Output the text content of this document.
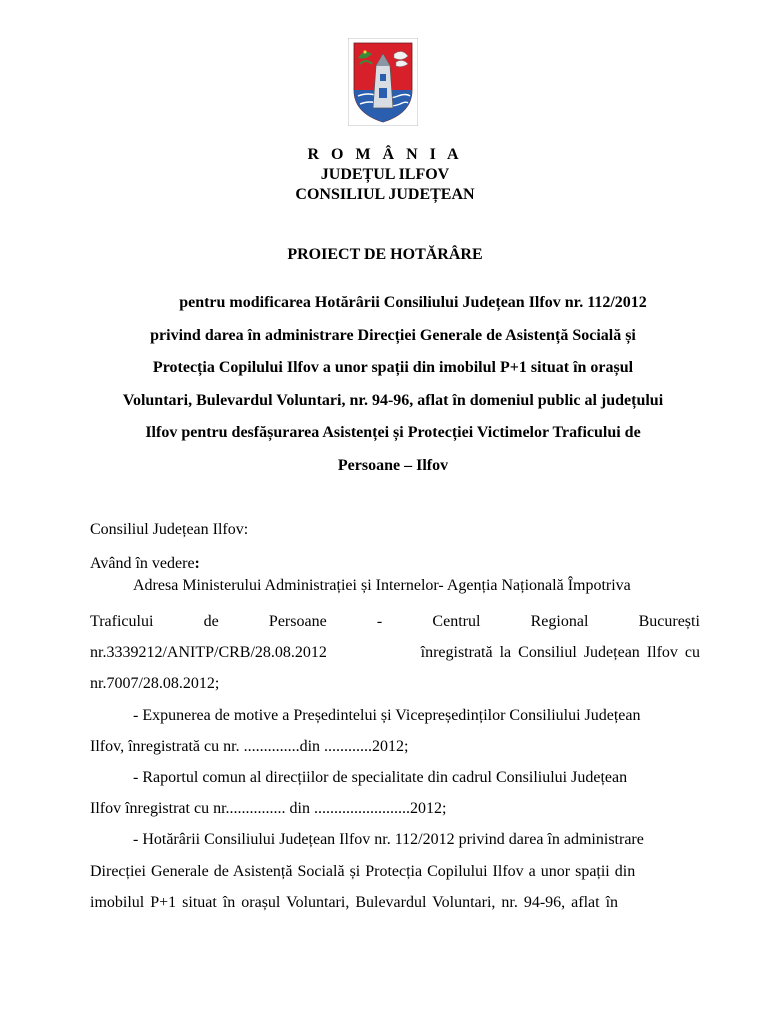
R O M Â N I A
JUDEȚUL ILFOV
CONSILIUL JUDEȚEAN
PROIECT DE HOTĂRÂRE
pentru modificarea Hotărârii Consiliului Județean Ilfov nr. 112/2012
privind darea în administrare Direcției Generale de Asistență Socială și
Protecția Copilului Ilfov a unor spații din imobilul P+1 situat în orașul
Voluntari, Bulevardul Voluntari, nr. 94-96, aflat în domeniul public al județului
Ilfov pentru desfășurarea Asistenței și Protecției Victimelor Traficului de
Persoane – Ilfov
Consiliul Județean Ilfov:

Având în vedere:

Adresa Ministerului Administrației și Internelor- Agenția Națională Împotriva

Traficului	de	Persoane	-	Centrul	Regional	București
nr.3339212/ANITP/CRB/28.08.2012	înregistrată la Consiliul Județean Ilfov cu

nr.7007/28.08.2012;

- Expunerea de motive a Președintelui și Vicepreședinților Consiliului Județean

Ilfov, înregistrată cu nr. ..............din ............2012;

- Raportul comun al direcțiilor de specialitate din cadrul Consiliului Județean

Ilfov înregistrat cu nr............... din ........................2012;

- Hotărârii Consiliului Județean Ilfov nr. 112/2012 privind darea în administrare

Direcției Generale de Asistență Socială și Protecția Copilului Ilfov a unor spații din

imobilul P+1 situat în orașul Voluntari, Bulevardul Voluntari, nr. 94-96, aflat în
